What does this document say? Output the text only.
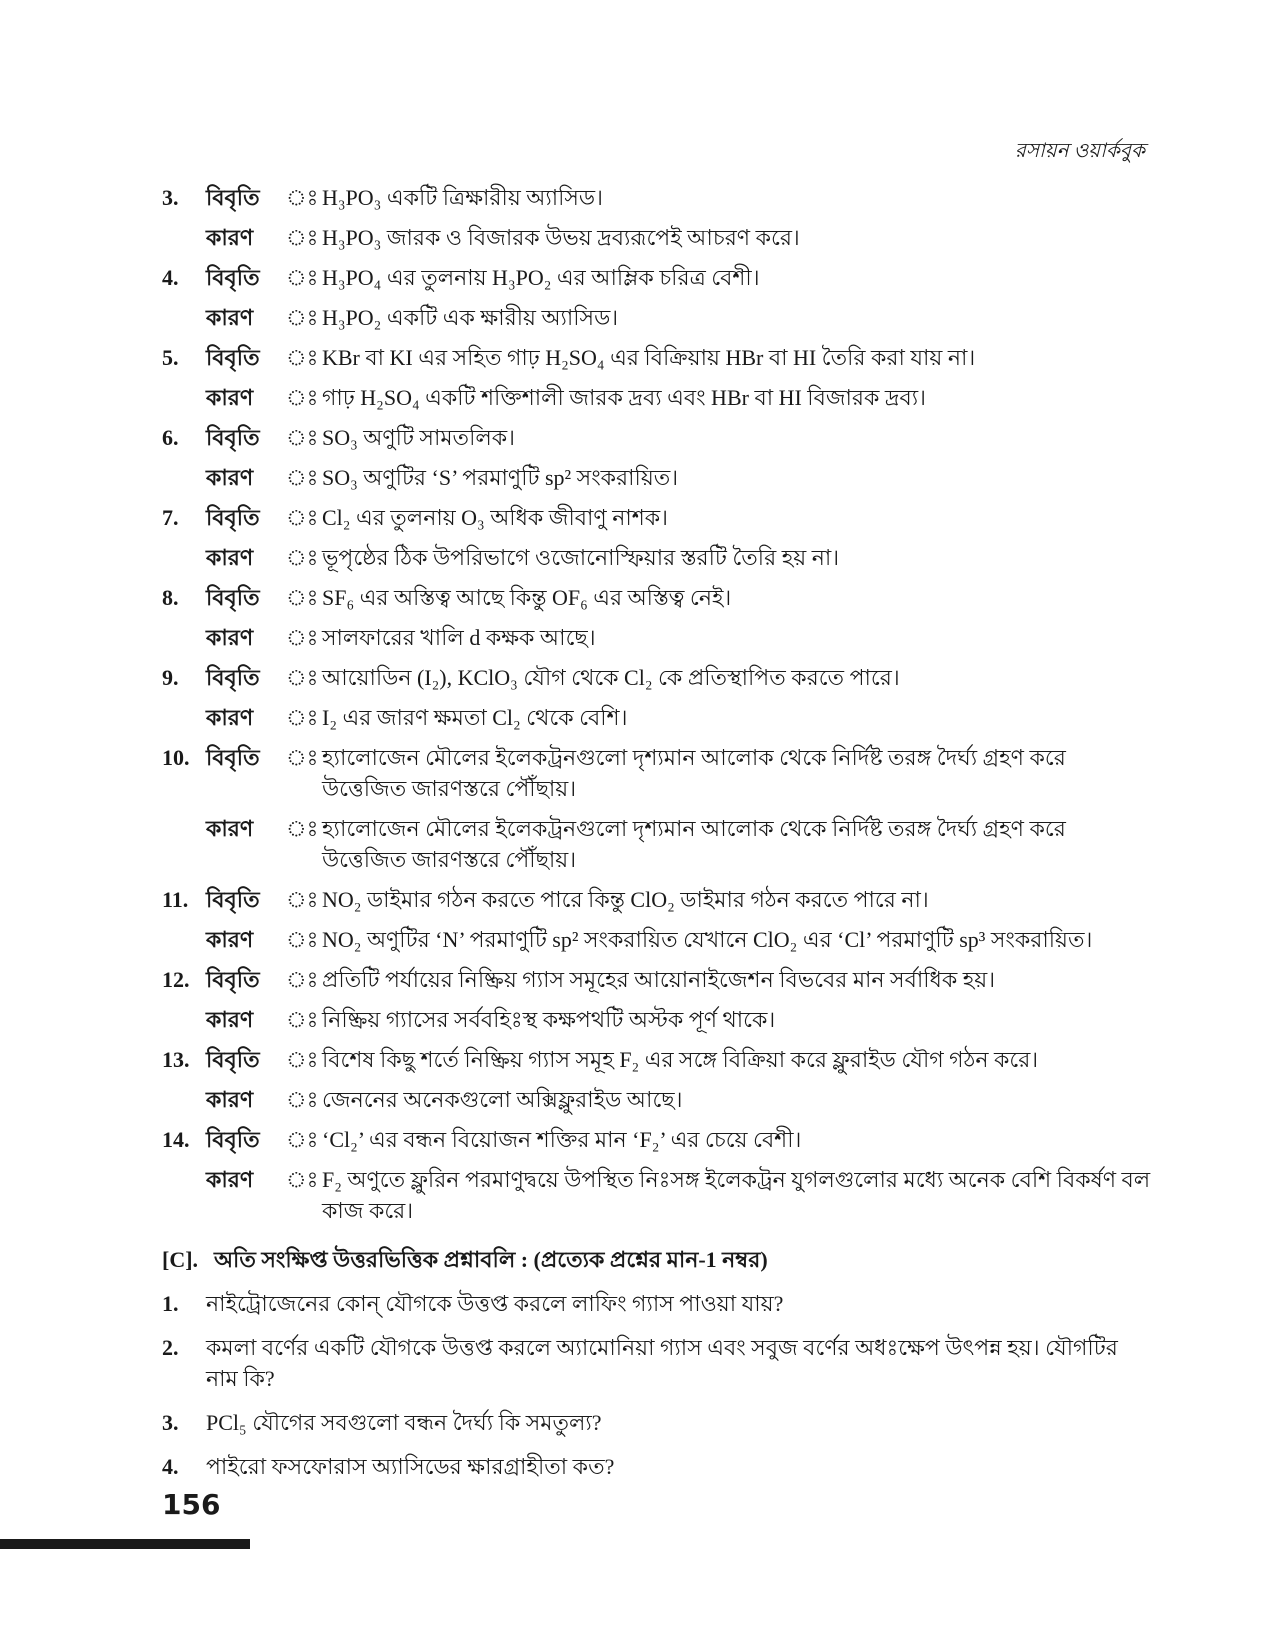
রসায়ন ওয়ার্কবুক
3.	বিবৃতি	ঃ H₃PO₃ একটি ত্রিক্ষারীয় অ্যাসিড।
কারণ	ঃ H₃PO₃ জারক ও বিজারক উভয় দ্রব্যরূপেই আচরণ করে।
4.	বিবৃতি	ঃ H₃PO₄ এর তুলনায় H₃PO₂ এর আম্লিক চরিত্র বেশী।
কারণ	ঃ H₃PO₂ একটি এক ক্ষারীয় অ্যাসিড।
5.	বিবৃতি	ঃ KBr বা KI এর সহিত গাঢ় H₂SO₄ এর বিক্রিয়ায় HBr বা HI তৈরি করা যায় না।
কারণ	ঃ গাঢ় H₂SO₄ একটি শক্তিশালী জারক দ্রব্য এবং HBr বা HI বিজারক দ্রব্য।
6.	বিবৃতি	ঃ SO₃ অণুটি সামতলিক।
কারণ	ঃ SO₃ অণুটির ‘S’ পরমাণুটি sp² সংকরায়িত।
7.	বিবৃতি	ঃ Cl₂ এর তুলনায় O₃ অধিক জীবাণু নাশক।
কারণ	ঃ ভূপৃষ্ঠের ঠিক উপরিভাগে ওজোনোস্ফিয়ার স্তরটি তৈরি হয় না।
8.	বিবৃতি	ঃ SF₆ এর অস্তিত্ব আছে কিন্তু OF₆ এর অস্তিত্ব নেই।
কারণ	ঃ সালফারের খালি d কক্ষক আছে।
9.	বিবৃতি	ঃ আয়োডিন (I₂), KClO₃ যৌগ থেকে Cl₂ কে প্রতিস্থাপিত করতে পারে।
কারণ	ঃ I₂ এর জারণ ক্ষমতা Cl₂ থেকে বেশি।
10. বিবৃতি	ঃ হ্যালোজেন মৌলের ইলেকট্রনগুলো দৃশ্যমান আলোক থেকে নির্দিষ্ট তরঙ্গ দৈর্ঘ্য গ্রহণ করে উত্তেজিত জারণস্তরে পৌঁছায়।
কারণ	ঃ হ্যালোজেন মৌলের ইলেকট্রনগুলো দৃশ্যমান আলোক থেকে নির্দিষ্ট তরঙ্গ দৈর্ঘ্য গ্রহণ করে উত্তেজিত জারণস্তরে পৌঁছায়।
11. বিবৃতি	ঃ NO₂ ডাইমার গঠন করতে পারে কিন্তু ClO₂ ডাইমার গঠন করতে পারে না।
কারণ	ঃ NO₂ অণুটির ‘N’ পরমাণুটি sp² সংকরায়িত যেখানে ClO₂ এর ‘Cl’ পরমাণুটি sp³ সংকরায়িত।
12. বিবৃতি	ঃ প্রতিটি পর্যায়ের নিষ্ক্রিয় গ্যাস সমূহের আয়োনাইজেশন বিভবের মান সর্বাধিক হয়।
কারণ	ঃ নিষ্ক্রিয় গ্যাসের সর্ববহিঃস্থ কক্ষপথটি অস্টক পূর্ণ থাকে।
13. বিবৃতি	ঃ বিশেষ কিছু শর্তে নিষ্ক্রিয় গ্যাস সমূহ F₂ এর সঙ্গে বিক্রিয়া করে ফ্লুরাইড যৌগ গঠন করে।
কারণ	ঃ জেননের অনেকগুলো অক্সিফ্লুরাইড আছে।
14. বিবৃতি	ঃ ‘Cl₂’ এর বন্ধন বিয়োজন শক্তির মান ‘F₂’ এর চেয়ে বেশী।
কারণ	ঃ F₂ অণুতে ফ্লুরিন পরমাণুদ্বয়ে উপস্থিত নিঃসঙ্গ ইলেকট্রন যুগলগুলোর মধ্যে অনেক বেশি বিকর্ষণ বল কাজ করে।
[C]. অতি সংক্ষিপ্ত উত্তরভিত্তিক প্রশ্নাবলি : (প্রত্যেক প্রশ্নের মান-1 নম্বর)
1.	নাইট্রোজেনের কোন্ যৌগকে উত্তপ্ত করলে লাফিং গ্যাস পাওয়া যায়?
2.	কমলা বর্ণের একটি যৌগকে উত্তপ্ত করলে অ্যামোনিয়া গ্যাস এবং সবুজ বর্ণের অধঃক্ষেপ উৎপন্ন হয়। যৌগটির নাম কি?
3.	PCl₅ যৌগের সবগুলো বন্ধন দৈর্ঘ্য কি সমতুল্য?
4.	পাইরো ফসফোরাস অ্যাসিডের ক্ষারগ্রাহীতা কত?
156
